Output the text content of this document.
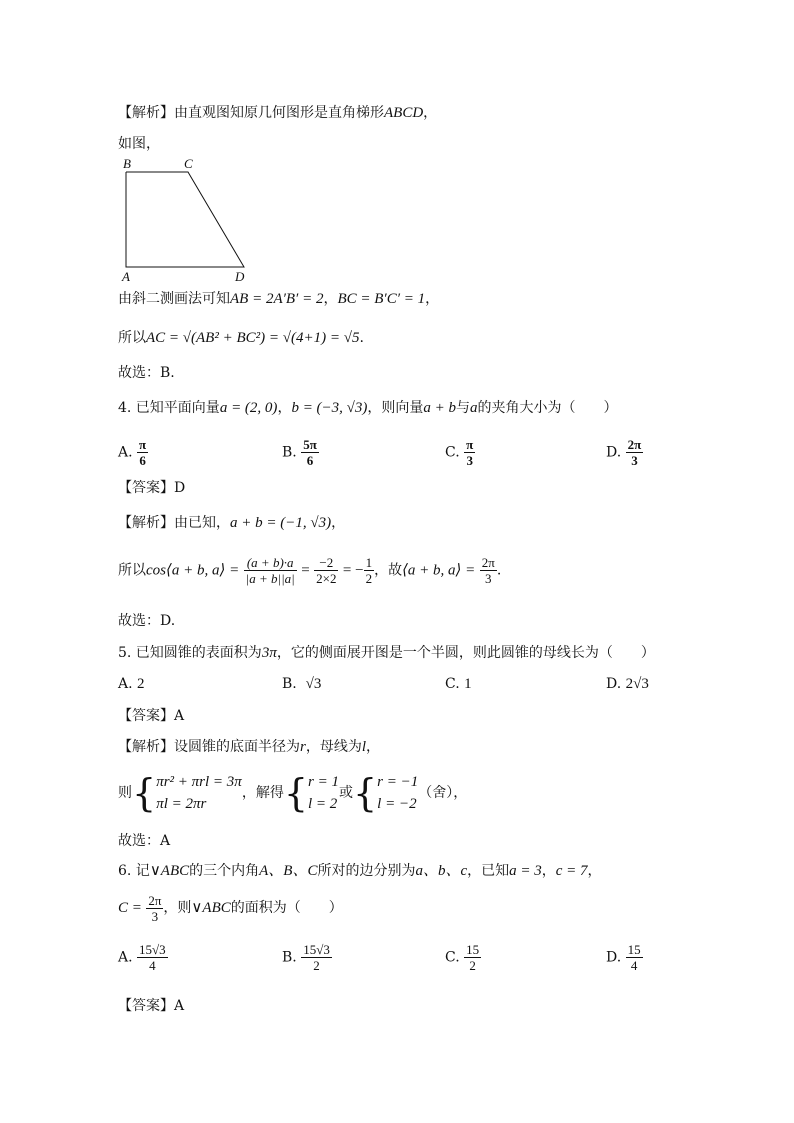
【解析】由直观图知原几何图形是直角梯形ABCD，
如图，
B	C
A	D
由斜二测画法可知AB = 2A′B′ = 2，BC = B′C′ = 1，
所以AC = √(AB² + BC²) = √(4+1) = √5.
故选：B.
4. 已知平面向量a = (2, 0)，b = (−3, √3)，则向量a + b与a的夹角大小为（　　）
A. $\frac{\pi}{6}$	B. $\frac{5\pi}{6}$	C. $\frac{\pi}{3}$	D. $\frac{2\pi}{3}$
【答案】D
【解析】由已知，a + b = (−1, √3)，
所以cos⟨a + b, a⟩ = $\frac{(a + b)\cdot a}{|a + b||a|} = \frac{-2}{2\times 2}$ = − $\frac{1}{2}$ ，故⟨a + b, a⟩ = $\frac{2\pi}{3}$ .
故选：D.
5. 已知圆锥的表面积为3π，它的侧面展开图是一个半圆，则此圆锥的母线长为（　　）
A. 2	B. √3	C. 1	D. 2√3
【答案】A
【解析】设圆锥的底面半径为r，母线为l，
则 { πr² + πrl = 3π
πl = 2πr
，解得 { r = 1
l = 2
或 { r = −1
l = −2
（舍），
故选：A
6. 记∨ABC的三个内角A、B、C所对的边分别为a、b、c，已知a = 3，c = 7，
$C = \frac{2\pi}{3}$ ，则∨ABC的面积为（　　）
A. $\frac{15√3}{4}$	B. $\frac{15√3}{2}$	C. $\frac{15}{2}$	D. $\frac{15}{4}$
【答案】A
